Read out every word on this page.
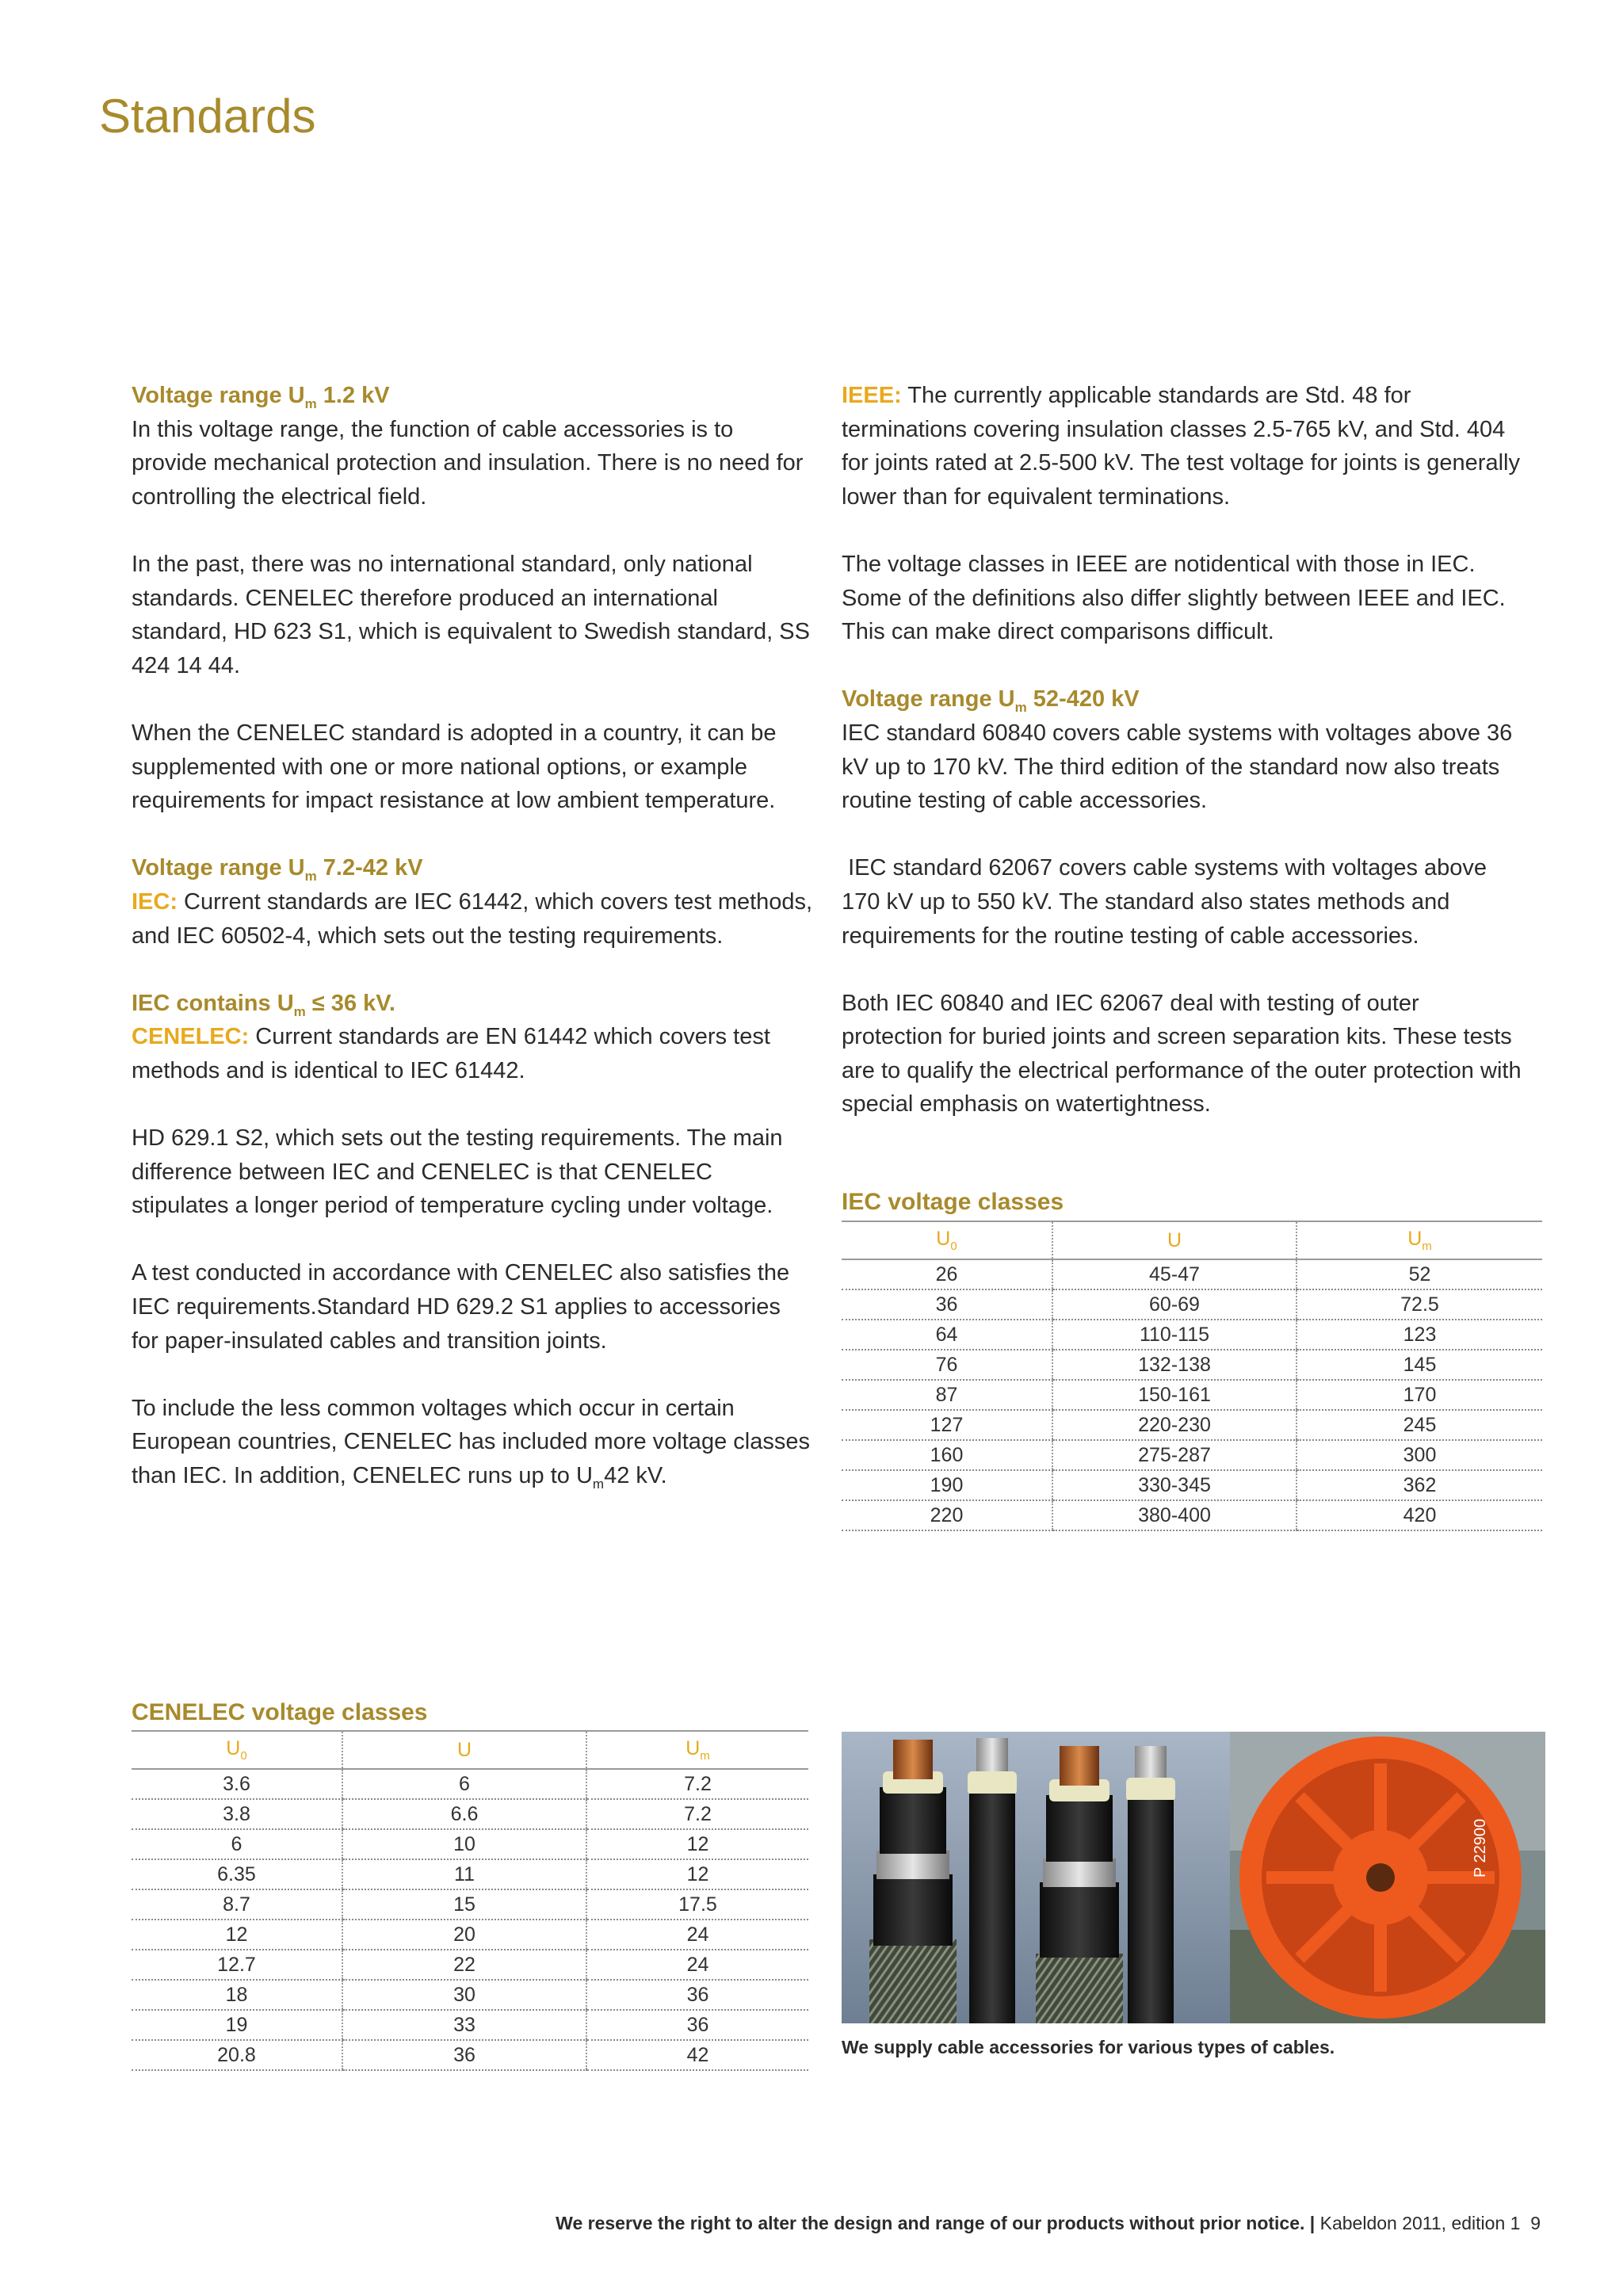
Standards

Voltage range $U_m$ 1.2 kV

In this voltage range, the function of cable accessories is to provide mechanical protection and insulation. There is no need for controlling the electrical field.

In the past, there was no international standard, only national standards. CENELEC therefore produced an international standard, HD 623 S1, which is equivalent to Swedish standard, SS 424 14 44.

When the CENELEC standard is adopted in a country, it can be supplemented with one or more national options, or example requirements for impact resistance at low ambient temperature.

Voltage range $U_m$ 7.2-42 kV

IEC: Current standards are IEC 61442, which covers test methods, and IEC 60502-4, which sets out the testing requirements.

IEC contains $U_m \le 36$ kV.

CENELEC: Current standards are EN 61442 which covers test methods and is identical to IEC 61442.

HD 629.1 S2, which sets out the testing requirements. The main difference between IEC and CENELEC is that CENELEC stipulates a longer period of temperature cycling under voltage.

A test conducted in accordance with CENELEC also satisfies the IEC requirements.Standard HD 629.2 S1 applies to accessories for paper-insulated cables and transition joints.

To include the less common voltages which occur in certain European countries, CENELEC has included more voltage classes than IEC. In addition, CENELEC runs up to $U_m42$ kV.

IEEE: The currently applicable standards are Std. 48 for terminations covering insulation classes 2.5-765 kV, and Std. 404 for joints rated at 2.5-500 kV. The test voltage for joints is generally lower than for equivalent terminations.

The voltage classes in IEEE are notidentical with those in IEC. Some of the definitions also differ slightly between IEEE and IEC. This can make direct comparisons difficult.

Voltage range $U_m$ 52-420 kV

IEC standard 60840 covers cable systems with voltages above 36 kV up to 170 kV. The third edition of the standard now also treats routine testing of cable accessories.

IEC standard 62067 covers cable systems with voltages above 170 kV up to 550 kV. The standard also states methods and requirements for the routine testing of cable accessories.

Both IEC 60840 and IEC 62067 deal with testing of outer protection for buried joints and screen separation kits. These tests are to qualify the electrical performance of the outer protection with special emphasis on watertightness.

IEC voltage classes
$U_0$	U	$U_m$
26	45-47	52
36	60-69	72.5
64	110-115	123
76	132-138	145
87	150-161	170
127	220-230	245
160	275-287	300
190	330-345	362
220	380-400	420
CENELEC voltage classes
$U_0$	U	$U_m$
3.6	6	7.2
3.8	6.6	7.2
6	10	12
6.35	11	12
8.7	15	17.5
12	20	24
12.7	22	24
18	30	36
19	33	36
20.8	36	42
P 22900
We supply cable accessories for various types of cables.
We reserve the right to alter the design and range of our products without prior notice. | Kabeldon 2011, edition 1 9
